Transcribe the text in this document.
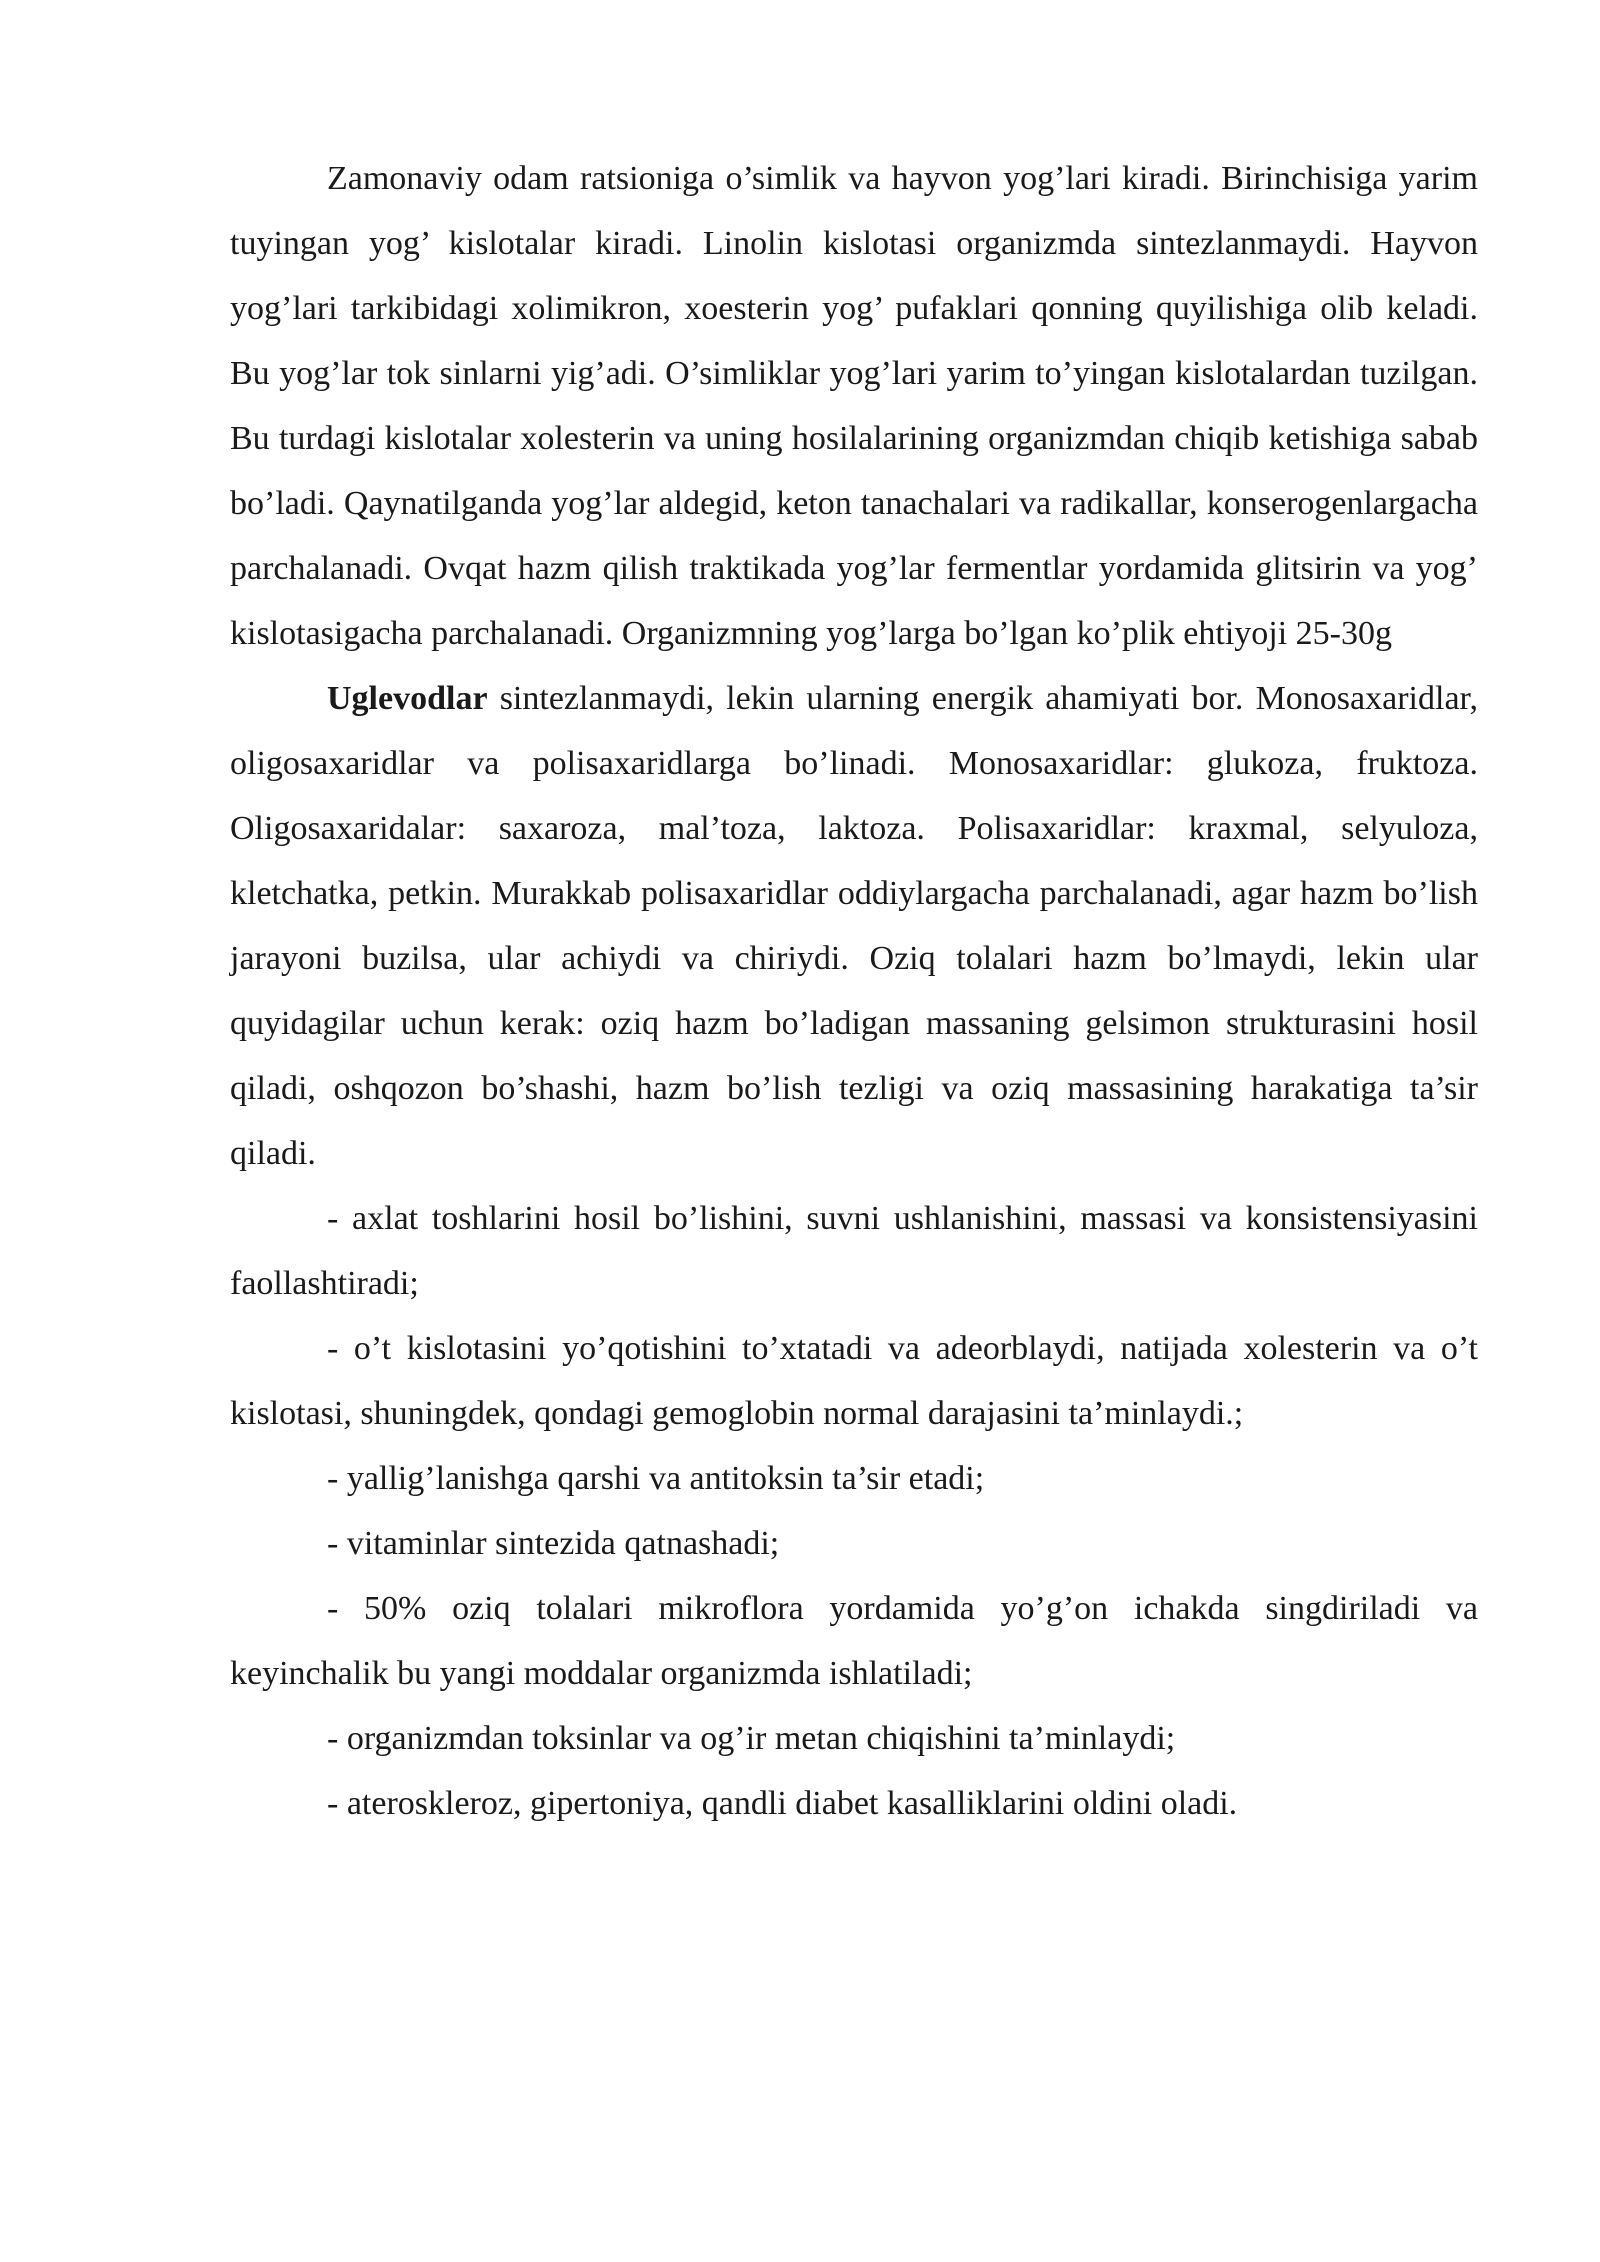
Zamonaviy odam ratsioniga o’simlik va hayvon yog’lari kiradi. Birinchisiga yarim tuyingan yog’ kislotalar kiradi. Linolin kislotasi organizmda sintezlanmaydi. Hayvon yog’lari tarkibidagi xolimikron, xoesterin yog’ pufaklari qonning quyilishiga olib keladi. Bu yog’lar tok sinlarni yig’adi. O’simliklar yog’lari yarim to’yingan kislotalardan tuzilgan. Bu turdagi kislotalar xolesterin va uning hosilalarining organizmdan chiqib ketishiga sabab bo’ladi. Qaynatilganda yog’lar aldegid, keton tanachalari va radikallar, konserogenlargacha parchalanadi. Ovqat hazm qilish traktikada yog’lar fermentlar yordamida glitsirin va yog’ kislotasigacha parchalanadi. Organizmning yog’larga bo’lgan ko’plik ehtiyoji 25-30g

Uglevodlar sintezlanmaydi, lekin ularning energik ahamiyati bor. Monosaxaridlar, oligosaxaridlar va polisaxaridlarga bo’linadi. Monosaxaridlar: glukoza, fruktoza. Oligosaxaridalar: saxaroza, mal’toza, laktoza. Polisaxaridlar: kraxmal, selyuloza, kletchatka, petkin. Murakkab polisaxaridlar oddiylargacha parchalanadi, agar hazm bo’lish jarayoni buzilsa, ular achiydi va chiriydi. Oziq tolalari hazm bo’lmaydi, lekin ular quyidagilar uchun kerak: oziq hazm bo’ladigan massaning gelsimon strukturasini hosil qiladi, oshqozon bo’shashi, hazm bo’lish tezligi va oziq massasining harakatiga ta’sir qiladi.

- axlat toshlarini hosil bo’lishini, suvni ushlanishini, massasi va konsistensiyasini faollashtiradi;

- o’t kislotasini yo’qotishini to’xtatadi va adeorblaydi, natijada xolesterin va o’t kislotasi, shuningdek, qondagi gemoglobin normal darajasini ta’minlaydi.;

- yallig’lanishga qarshi va antitoksin ta’sir etadi;

- vitaminlar sintezida qatnashadi;

- 50% oziq tolalari mikroflora yordamida yo’g’on ichakda singdiriladi va keyinchalik bu yangi moddalar organizmda ishlatiladi;

- organizmdan toksinlar va og’ir metan chiqishini ta’minlaydi;

- ateroskleroz, gipertoniya, qandli diabet kasalliklarini oldini oladi.
